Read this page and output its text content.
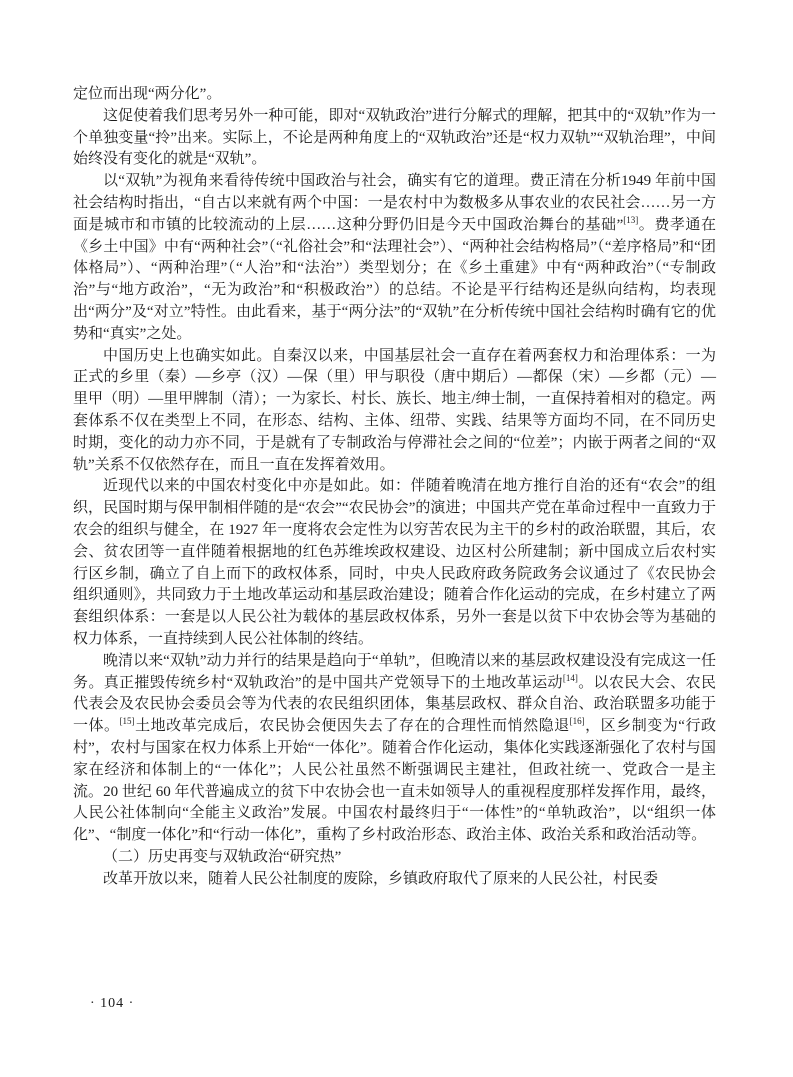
定位而出现“两分化”。

这促使着我们思考另外一种可能，即对“双轨政治”进行分解式的理解，把其中的“双轨”作为一个单独变量“拎”出来。实际上，不论是两种角度上的“双轨政治”还是“权力双轨”“双轨治理”，中间始终没有变化的就是“双轨”。

以“双轨”为视角来看待传统中国政治与社会，确实有它的道理。费正清在分析1949 年前中国社会结构时指出，“自古以来就有两个中国：一是农村中为数极多从事农业的农民社会……另一方面是城市和市镇的比较流动的上层……这种分野仍旧是今天中国政治舞台的基础”[13]。费孝通在《乡土中国》中有“两种社会”（“礼俗社会”和“法理社会”）、“两种社会结构格局”（“差序格局”和“团体格局”）、“两种治理”（“人治”和“法治”）类型划分；在《乡土重建》中有“两种政治”（“专制政治”与“地方政治”，“无为政治”和“积极政治”）的总结。不论是平行结构还是纵向结构，均表现出“两分”及“对立”特性。由此看来，基于“两分法”的“双轨”在分析传统中国社会结构时确有它的优势和“真实”之处。

中国历史上也确实如此。自秦汉以来，中国基层社会一直存在着两套权力和治理体系：一为正式的乡里（秦）—乡亭（汉）—保（里）甲与职役（唐中期后）—都保（宋）—乡都（元）—里甲（明）—里甲牌制（清）；一为家长、村长、族长、地主/绅士制，一直保持着相对的稳定。两套体系不仅在类型上不同，在形态、结构、主体、纽带、实践、结果等方面均不同，在不同历史时期，变化的动力亦不同，于是就有了专制政治与停滞社会之间的“位差”；内嵌于两者之间的“双轨”关系不仅依然存在，而且一直在发挥着效用。

近现代以来的中国农村变化中亦是如此。如：伴随着晚清在地方推行自治的还有“农会”的组织，民国时期与保甲制相伴随的是“农会”“农民协会”的演进；中国共产党在革命过程中一直致力于农会的组织与健全，在 1927 年一度将农会定性为以穷苦农民为主干的乡村的政治联盟，其后，农会、贫农团等一直伴随着根据地的红色苏维埃政权建设、边区村公所建制；新中国成立后农村实行区乡制，确立了自上而下的政权体系，同时，中央人民政府政务院政务会议通过了《农民协会组织通则》，共同致力于土地改革运动和基层政治建设；随着合作化运动的完成，在乡村建立了两套组织体系：一套是以人民公社为载体的基层政权体系，另外一套是以贫下中农协会等为基础的权力体系，一直持续到人民公社体制的终结。

晚清以来“双轨”动力并行的结果是趋向于“单轨”，但晚清以来的基层政权建设没有完成这一任务。真正摧毁传统乡村“双轨政治”的是中国共产党领导下的土地改革运动[14]。以农民大会、农民代表会及农民协会委员会等为代表的农民组织团体，集基层政权、群众自治、政治联盟多功能于一体。[15]土地改革完成后，农民协会便因失去了存在的合理性而悄然隐退[16]，区乡制变为“行政村”，农村与国家在权力体系上开始“一体化”。随着合作化运动，集体化实践逐渐强化了农村与国家在经济和体制上的“一体化”；人民公社虽然不断强调民主建社，但政社统一、党政合一是主流。20 世纪 60 年代普遍成立的贫下中农协会也一直未如领导人的重视程度那样发挥作用，最终，人民公社体制向“全能主义政治”发展。中国农村最终归于“一体性”的“单轨政治”，以“组织一体化”、“制度一体化”和“行动一体化”，重构了乡村政治形态、政治主体、政治关系和政治活动等。

（二）历史再变与双轨政治“研究热”

改革开放以来，随着人民公社制度的废除，乡镇政府取代了原来的人民公社，村民委

· 104 ·
